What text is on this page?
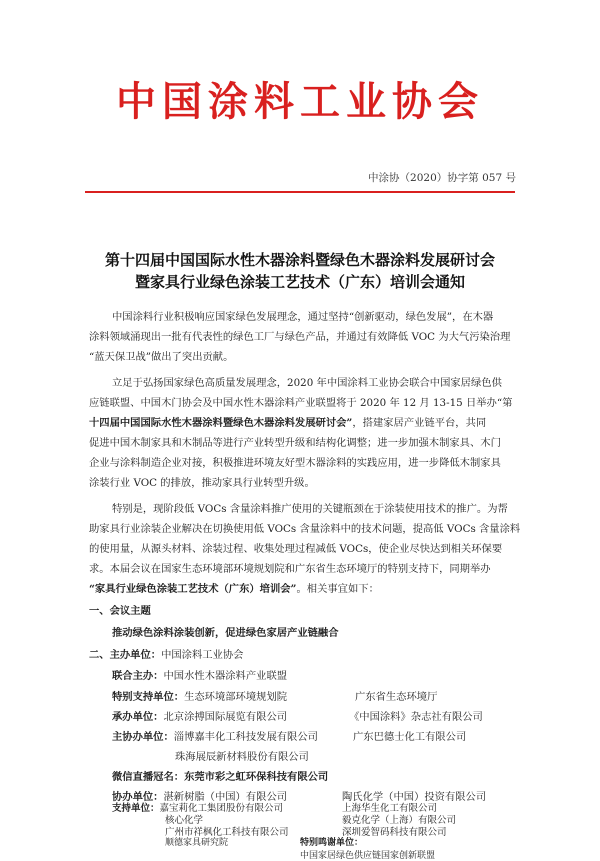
中国涂料工业协会
中涂协（2020）协字第 057 号
第十四届中国国际水性木器涂料暨绿色木器涂料发展研讨会
暨家具行业绿色涂装工艺技术（广东）培训会通知
中国涂料行业积极响应国家绿色发展理念，通过坚持“创新驱动，绿色发展”，在木器
涂料领域涌现出一批有代表性的绿色工厂与绿色产品，并通过有效降低 VOC 为大气污染治理
“蓝天保卫战”做出了突出贡献。
立足于弘扬国家绿色高质量发展理念，2020 年中国涂料工业协会联合中国家居绿色供
应链联盟、中国木门协会及中国水性木器涂料产业联盟将于 2020 年 12 月 13-15 日举办“第
十四届中国国际水性木器涂料暨绿色木器涂料发展研讨会”，搭建家居产业链平台，共同
促进中国木制家具和木制品等进行产业转型升级和结构化调整；进一步加强木制家具、木门
企业与涂料制造企业对接，积极推进环境友好型木器涂料的实践应用，进一步降低木制家具
涂装行业 VOC 的排放，推动家具行业转型升级。
特别是，现阶段低 VOCs 含量涂料推广使用的关键瓶颈在于涂装使用技术的推广。为帮
助家具行业涂装企业解决在切换使用低 VOCs 含量涂料中的技术问题，提高低 VOCs 含量涂料
的使用量，从源头材料、涂装过程、收集处理过程减低 VOCs，使企业尽快达到相关环保要
求。本届会议在国家生态环境部环境规划院和广东省生态环境厅的特别支持下，同期举办
“家具行业绿色涂装工艺技术（广东）培训会”。相关事宜如下：
一、会议主题
推动绿色涂料涂装创新，促进绿色家居产业链融合
二、主办单位：中国涂料工业协会
联合主办：中国水性木器涂料产业联盟
特别支持单位：生态环境部环境规划院	广东省生态环境厅
承办单位：北京涂搏国际展览有限公司	《中国涂料》杂志社有限公司
主协办单位：淄博嘉丰化工科技发展有限公司	广东巴德士化工有限公司
珠海展辰新材料股份有限公司
微信直播冠名：东莞市彩之虹环保科技有限公司
协办单位：湛新树脂（中国）有限公司	陶氏化学（中国）投资有限公司
支持单位：嘉宝莉化工集团股份有限公司	上海华生化工有限公司
核心化学	毅克化学（上海）有限公司
广州市祥枫化工科技有限公司	深圳爱智码科技有限公司
顺德家具研究院	特别鸣谢单位：
中国家居绿色供应链国家创新联盟
